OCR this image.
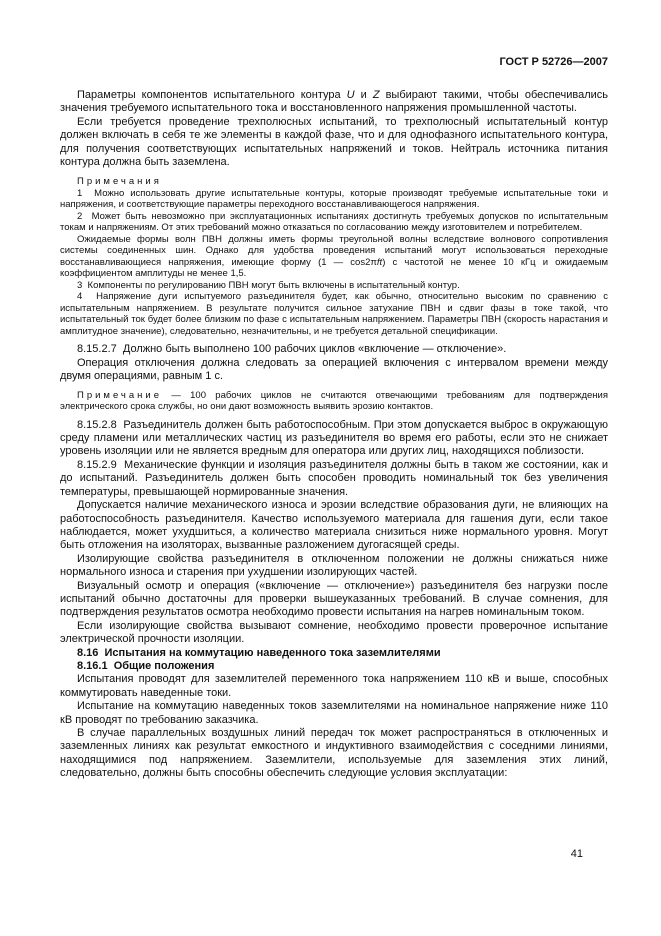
ГОСТ Р 52726—2007

Параметры компонентов испытательного контура U и Z выбирают такими, чтобы обеспечивались значения требуемого испытательного тока и восстановленного напряжения промышленной частоты.

Если требуется проведение трехполюсных испытаний, то трехполюсный испытательный контур должен включать в себя те же элементы в каждой фазе, что и для однофазного испытательного контура, для получения соответствующих испытательных напряжений и токов. Нейтраль источника питания контура должна быть заземлена.

Примечания

1  Можно использовать другие испытательные контуры, которые производят требуемые испытательные токи и напряжения, и соответствующие параметры переходного восстанавливающегося напряжения.

2  Может быть невозможно при эксплуатационных испытаниях достигнуть требуемых допусков по испытательным токам и напряжениям. От этих требований можно отказаться по согласованию между изготовителем и потребителем.

Ожидаемые формы волн ПВН должны иметь формы треугольной волны вследствие волнового сопротивления системы соединенных шин. Однако для удобства проведения испытаний могут использоваться переходные восстанавливающиеся напряжения, имеющие форму (1 — cos2πft) с частотой не менее 10 кГц и ожидаемым коэффициентом амплитуды не менее 1,5.

3  Компоненты по регулированию ПВН могут быть включены в испытательный контур.

4  Напряжение дуги испытуемого разъединителя будет, как обычно, относительно высоким по сравнению с испытательным напряжением. В результате получится сильное затухание ПВН и сдвиг фазы в токе такой, что испытательный ток будет более близким по фазе с испытательным напряжением. Параметры ПВН (скорость нарастания и амплитудное значение), следовательно, незначительны, и не требуется детальной спецификации.

8.15.2.7  Должно быть выполнено 100 рабочих циклов «включение — отключение».

Операция отключения должна следовать за операцией включения с интервалом времени между двумя операциями, равным 1 с.

Примечание — 100 рабочих циклов не считаются отвечающими требованиям для подтверждения электрического срока службы, но они дают возможность выявить эрозию контактов.

8.15.2.8  Разъединитель должен быть работоспособным. При этом допускается выброс в окружающую среду пламени или металлических частиц из разъединителя во время его работы, если это не снижает уровень изоляции или не является вредным для оператора или других лиц, находящихся поблизости.

8.15.2.9  Механические функции и изоляция разъединителя должны быть в таком же состоянии, как и до испытаний. Разъединитель должен быть способен проводить номинальный ток без увеличения температуры, превышающей нормированные значения.

Допускается наличие механического износа и эрозии вследствие образования дуги, не влияющих на работоспособность разъединителя. Качество используемого материала для гашения дуги, если такое наблюдается, может ухудшиться, а количество материала снизиться ниже нормального уровня. Могут быть отложения на изоляторах, вызванные разложением дугогасящей среды.

Изолирующие свойства разъединителя в отключенном положении не должны снижаться ниже нормального износа и старения при ухудшении изолирующих частей.

Визуальный осмотр и операция («включение — отключение») разъединителя без нагрузки после испытаний обычно достаточны для проверки вышеуказанных требований. В случае сомнения, для подтверждения результатов осмотра необходимо провести испытания на нагрев номинальным током.

Если изолирующие свойства вызывают сомнение, необходимо провести проверочное испытание электрической прочности изоляции.

8.16  Испытания на коммутацию наведенного тока заземлителями

8.16.1  Общие положения

Испытания проводят для заземлителей переменного тока напряжением 110 кВ и выше, способных коммутировать наведенные токи.

Испытание на коммутацию наведенных токов заземлителями на номинальное напряжение ниже 110 кВ проводят по требованию заказчика.

В случае параллельных воздушных линий передач ток может распространяться в отключенных и заземленных линиях как результат емкостного и индуктивного взаимодействия с соседними линиями, находящимися под напряжением. Заземлители, используемые для заземления этих линий, следовательно, должны быть способны обеспечить следующие условия эксплуатации:

41
